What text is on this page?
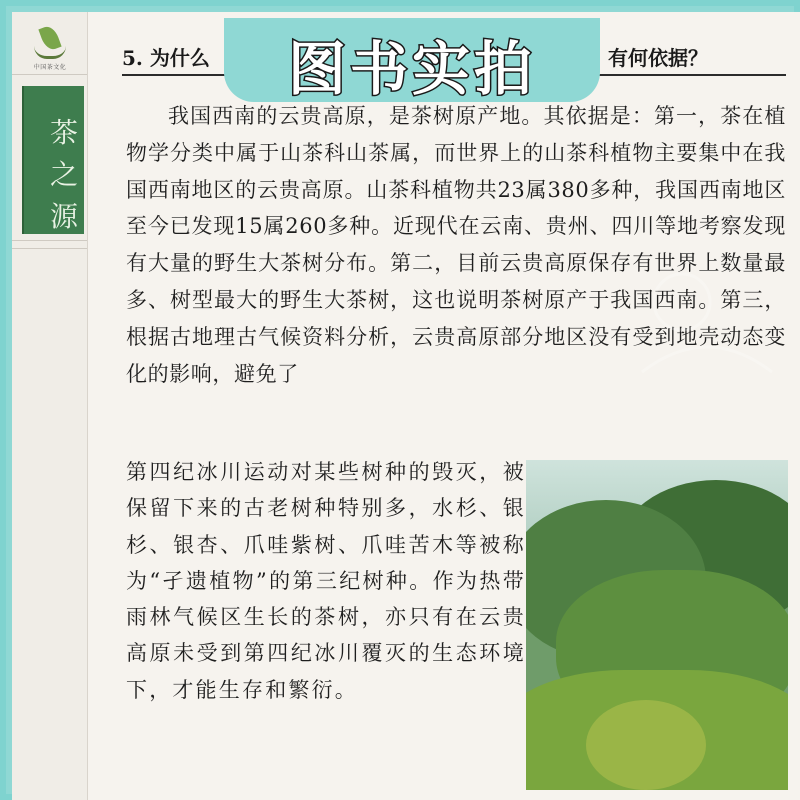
中国茶文化
茶之源
5. 为什么	有何依据？
我国西南的云贵高原，是茶树原产地。其依据是：第一，茶在植物学分类中属于山茶科山茶属，而世界上的山茶科植物主要集中在我国西南地区的云贵高原。山茶科植物共23属380多种，我国西南地区至今已发现15属260多种。近现代在云南、贵州、四川等地考察发现有大量的野生大茶树分布。第二，目前云贵高原保存有世界上数量最多、树型最大的野生大茶树，这也说明茶树原产于我国西南。第三，根据古地理古气候资料分析，云贵高原部分地区没有受到地壳动态变化的影响，避免了
第四纪冰川运动对某些树种的毁灭，被保留下来的古老树种特别多，水杉、银杉、银杏、爪哇紫树、爪哇苦木等被称为“孑遗植物”的第三纪树种。作为热带雨林气候区生长的茶树，亦只有在云贵高原未受到第四纪冰川覆灭的生态环境下，才能生存和繁衍。
图书实拍
